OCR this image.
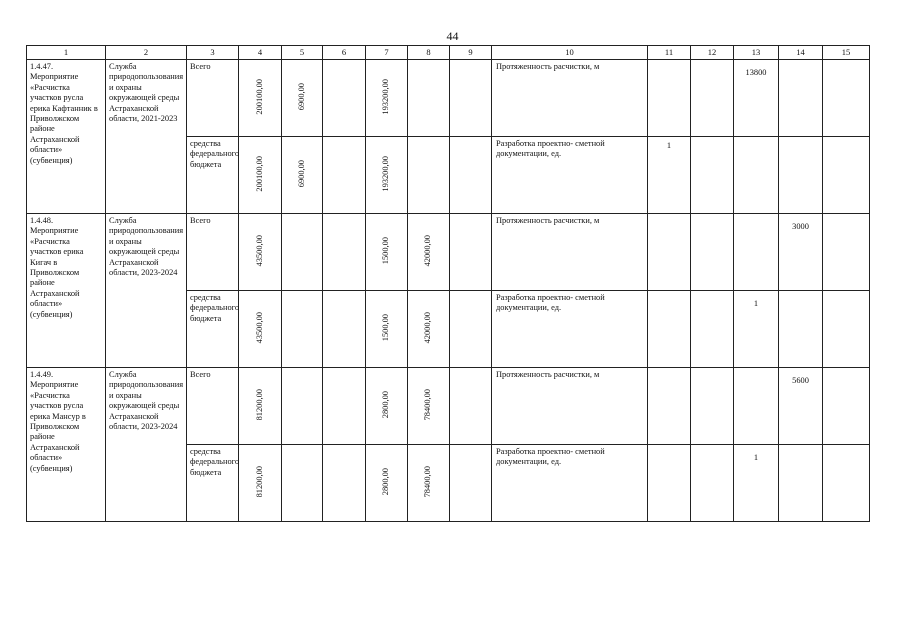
44
1	2	3	4	5	6	7	8	9	10	11	12	13	14	15
1.4.47. Мероприятие «Расчистка участков русла ерика Кафтанник в Приволжском районе Астраханской области» (субвенция)	Служба природопользования и охраны окружающей среды Астраханской области, 2021-2023	Всего	200100,00	6900,00		193200,00			Протяженность расчистки, м			13800		
		средства федерального бюджета	200100,00	6900,00		193200,00			Разработка проектно- сметной документации, ед.	1				
1.4.48. Мероприятие «Расчистка участков ерика Кигач в Приволжском районе Астраханской области» (субвенция)	Служба природопользования и охраны окружающей среды Астраханской области, 2023-2024	Всего	43500,00			1500,00	42000,00		Протяженность расчистки, м				3000	
		средства федерального бюджета	43500,00			1500,00	42000,00		Разработка проектно- сметной документации, ед.			1		
1.4.49. Мероприятие «Расчистка участков русла ерика Мансур в Приволжском районе Астраханской области» (субвенция)	Служба природопользования и охраны окружающей среды Астраханской области, 2023-2024	Всего	81200,00			2800,00	78400,00		Протяженность расчистки, м				5600	
		средства федерального бюджета	81200,00			2800,00	78400,00		Разработка проектно- сметной документации, ед.			1		
